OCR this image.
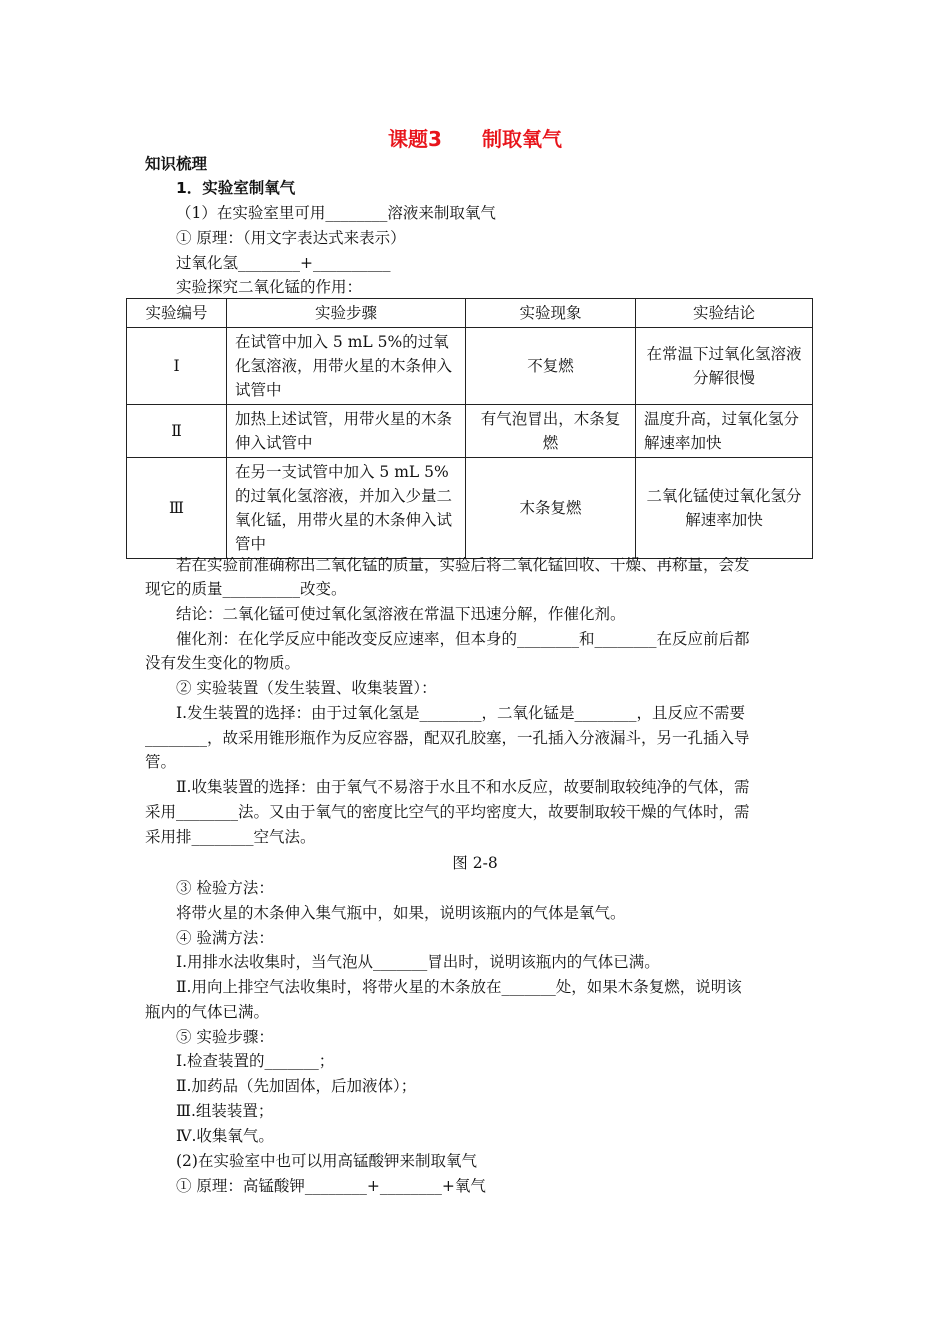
课题3　　制取氧气
知识梳理
1．实验室制氧气
（1）在实验室里可用________溶液来制取氧气
① 原理：（用文字表达式来表示）
过氧化氢________+__________
实验探究二氧化锰的作用：
实验编号	实验步骤	实验现象	实验结论
Ⅰ	在试管中加入 5 mL 5%的过氧化氢溶液，用带火星的木条伸入试管中	不复燃	在常温下过氧化氢溶液分解很慢
Ⅱ	加热上述试管，用带火星的木条伸入试管中	有气泡冒出，木条复燃	温度升高，过氧化氢分解速率加快
Ⅲ	在另一支试管中加入 5 mL 5%的过氧化氢溶液，并加入少量二氧化锰，用带火星的木条伸入试管中	木条复燃	二氧化锰使过氧化氢分解速率加快
若在实验前准确称出二氧化锰的质量，实验后将二氧化锰回收、干燥、再称量，会发
现它的质量__________改变。
结论：二氧化锰可使过氧化氢溶液在常温下迅速分解，作催化剂。
催化剂：在化学反应中能改变反应速率，但本身的________和________在反应前后都
没有发生变化的物质。
② 实验装置（发生装置、收集装置）：
Ⅰ.发生装置的选择：由于过氧化氢是________，二氧化锰是________，且反应不需要
________，故采用锥形瓶作为反应容器，配双孔胶塞，一孔插入分液漏斗，另一孔插入导
管。
Ⅱ.收集装置的选择：由于氧气不易溶于水且不和水反应，故要制取较纯净的气体，需
采用________法。又由于氧气的密度比空气的平均密度大，故要制取较干燥的气体时，需
采用排________空气法。
图 2-8
③ 检验方法：
将带火星的木条伸入集气瓶中，如果，说明该瓶内的气体是氧气。
④ 验满方法：
Ⅰ.用排水法收集时，当气泡从_______冒出时，说明该瓶内的气体已满。
Ⅱ.用向上排空气法收集时，将带火星的木条放在_______处，如果木条复燃，说明该
瓶内的气体已满。
⑤ 实验步骤：
Ⅰ.检查装置的_______；
Ⅱ.加药品（先加固体，后加液体）；
Ⅲ.组装装置；
Ⅳ.收集氧气。
(2)在实验室中也可以用高锰酸钾来制取氧气
① 原理：高锰酸钾________+________+氧气
